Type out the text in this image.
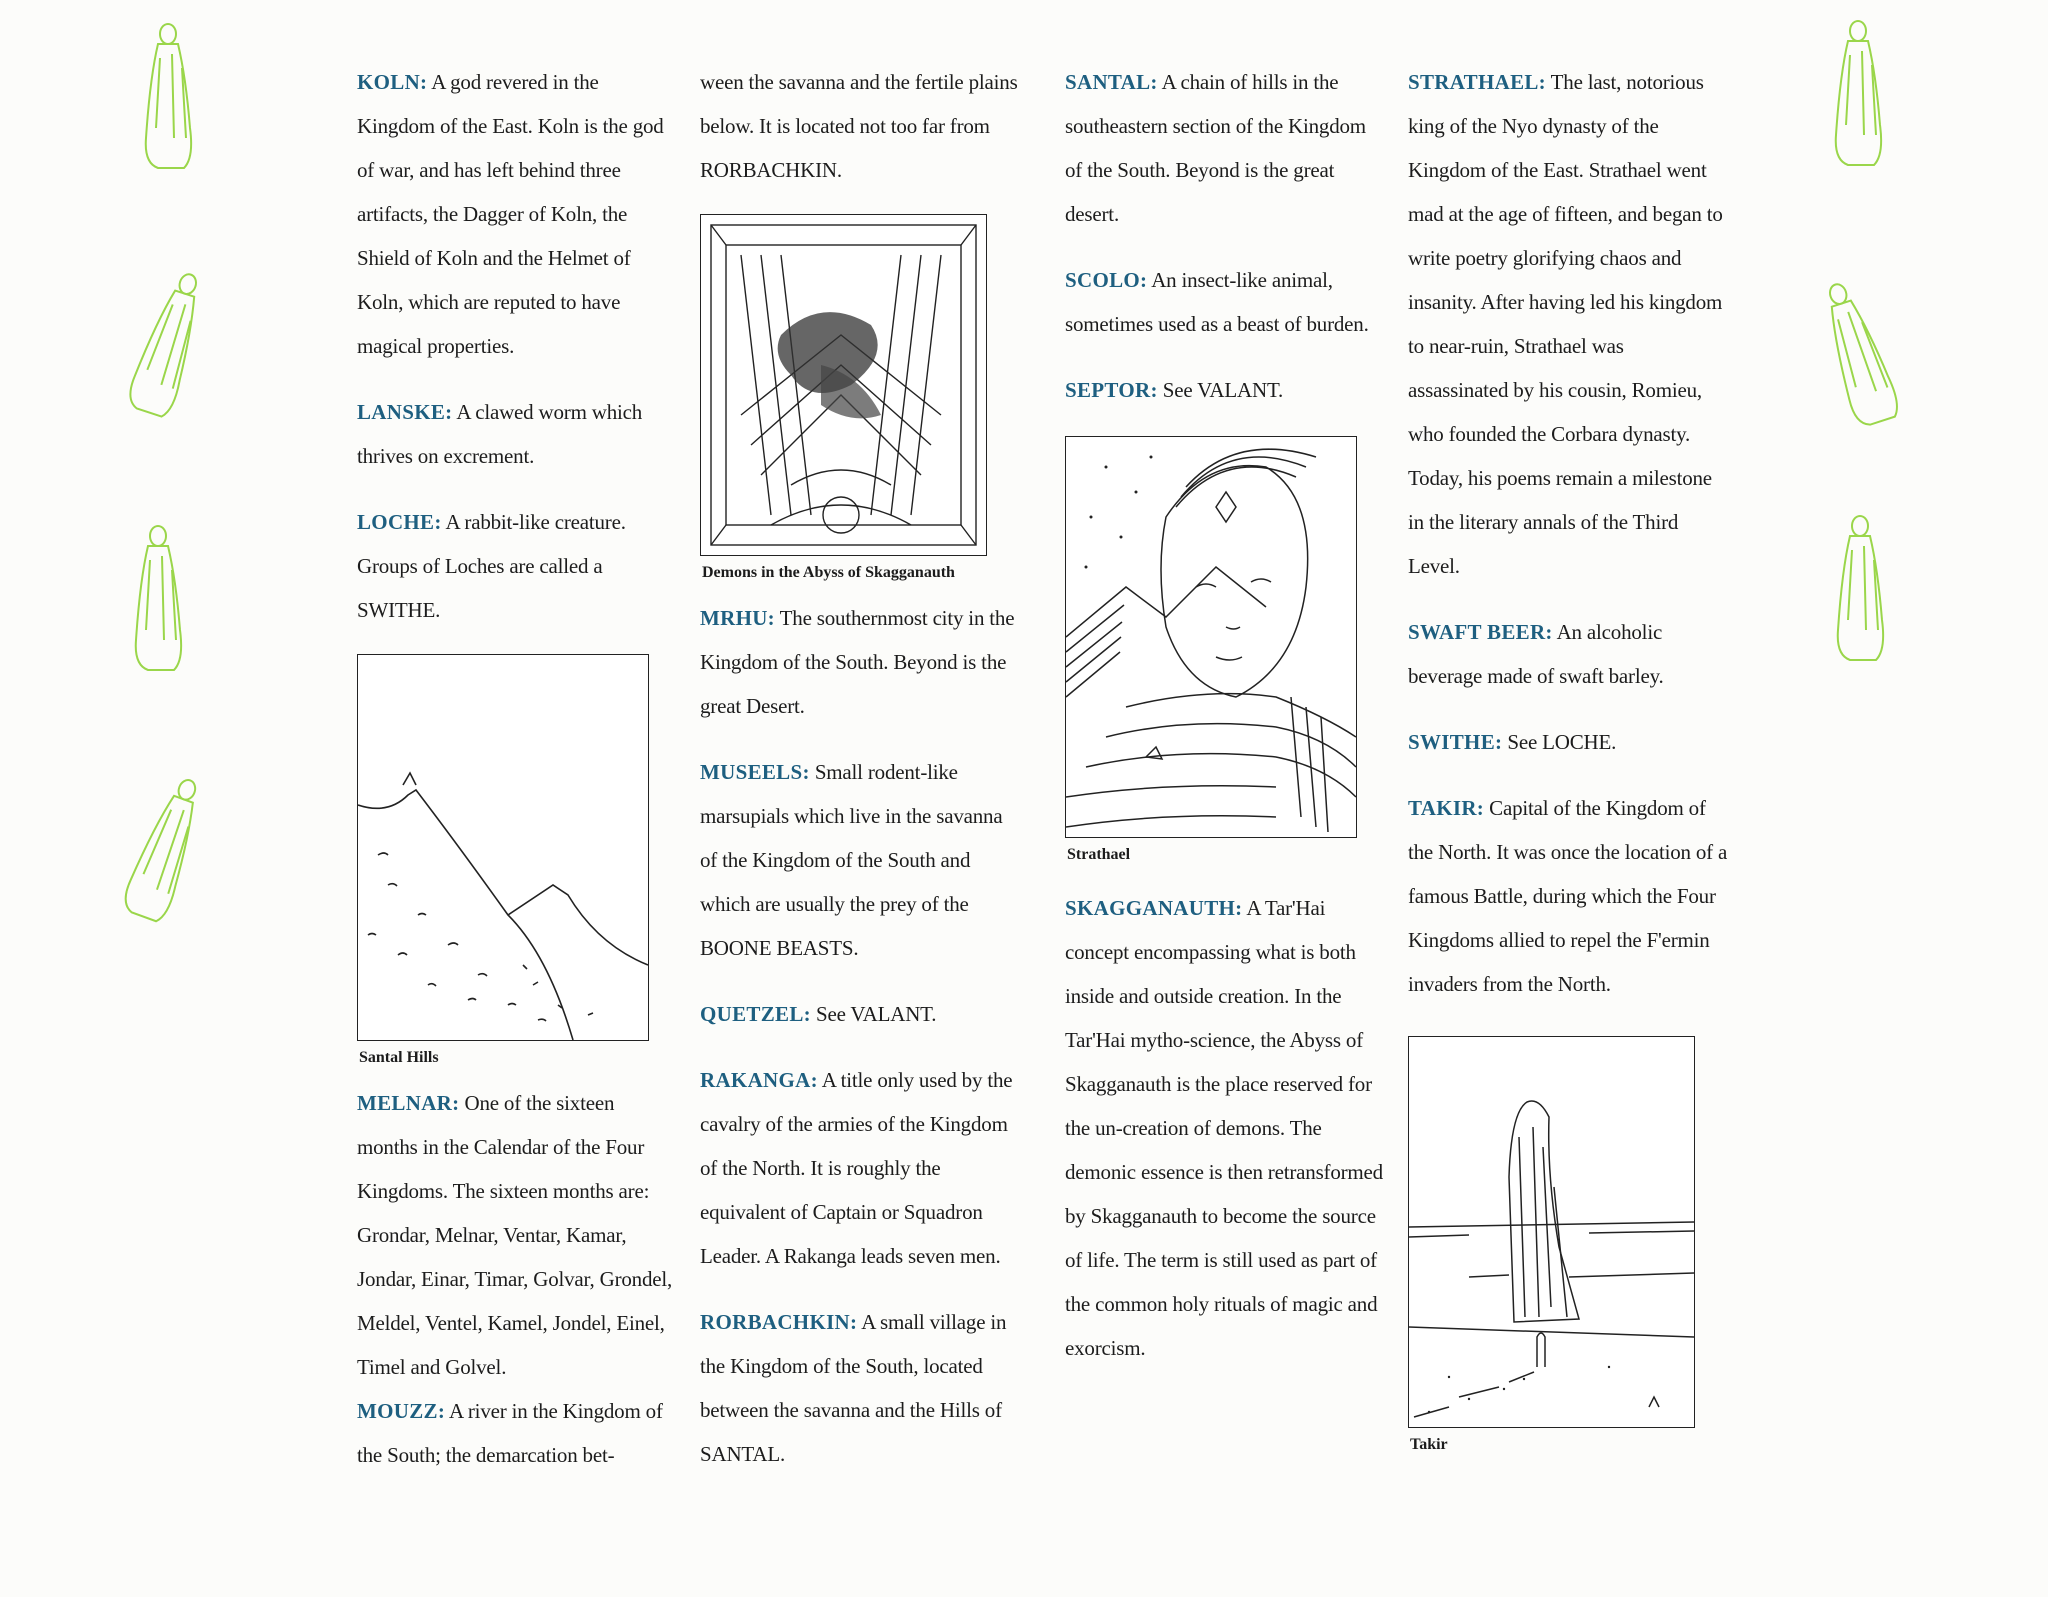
KOLN: A god revered in the Kingdom of the East. Koln is the god of war, and has left behind three artifacts, the Dagger of Koln, the Shield of Koln and the Helmet of Koln, which are reputed to have magical properties.

LANSKE: A clawed worm which thrives on excrement.

LOCHE: A rabbit-like creature. Groups of Loches are called a SWITHE.

Santal Hills

MELNAR: One of the sixteen months in the Calendar of the Four Kingdoms. The sixteen months are: Grondar, Melnar, Ventar, Kamar, Jondar, Einar, Timar, Golvar, Grondel, Meldel, Ventel, Kamel, Jondel, Einel, Timel and Golvel.

MOUZZ: A river in the Kingdom of the South; the demarcation bet-

ween the savanna and the fertile plains below. It is located not too far from RORBACHKIN.

Demons in the Abyss of Skagganauth

MRHU: The southernmost city in the Kingdom of the South. Beyond is the great Desert.

MUSEELS: Small rodent-like marsupials which live in the savanna of the Kingdom of the South and which are usually the prey of the BOONE BEASTS.

QUETZEL: See VALANT.

RAKANGA: A title only used by the cavalry of the armies of the Kingdom of the North. It is roughly the equivalent of Captain or Squadron Leader. A Rakanga leads seven men.

RORBACHKIN: A small village in the Kingdom of the South, located between the savanna and the Hills of SANTAL.

SANTAL: A chain of hills in the southeastern section of the Kingdom of the South. Beyond is the great desert.

SCOLO: An insect-like animal, sometimes used as a beast of burden.

SEPTOR: See VALANT.

Strathael

SKAGGANAUTH: A Tar'Hai concept encompassing what is both inside and outside creation. In the Tar'Hai mytho-science, the Abyss of Skagganauth is the place reserved for the un-creation of demons. The demonic essence is then retransformed by Skagganauth to become the source of life. The term is still used as part of the common holy rituals of magic and exorcism.

STRATHAEL: The last, notorious king of the Nyo dynasty of the Kingdom of the East. Strathael went mad at the age of fifteen, and began to write poetry glorifying chaos and insanity. After having led his kingdom to near-ruin, Strathael was assassinated by his cousin, Romieu, who founded the Corbara dynasty. Today, his poems remain a milestone in the literary annals of the Third Level.

SWAFT BEER: An alcoholic beverage made of swaft barley.

SWITHE: See LOCHE.

TAKIR: Capital of the Kingdom of the North. It was once the location of a famous Battle, during which the Four Kingdoms allied to repel the F'ermin invaders from the North.

Takir
